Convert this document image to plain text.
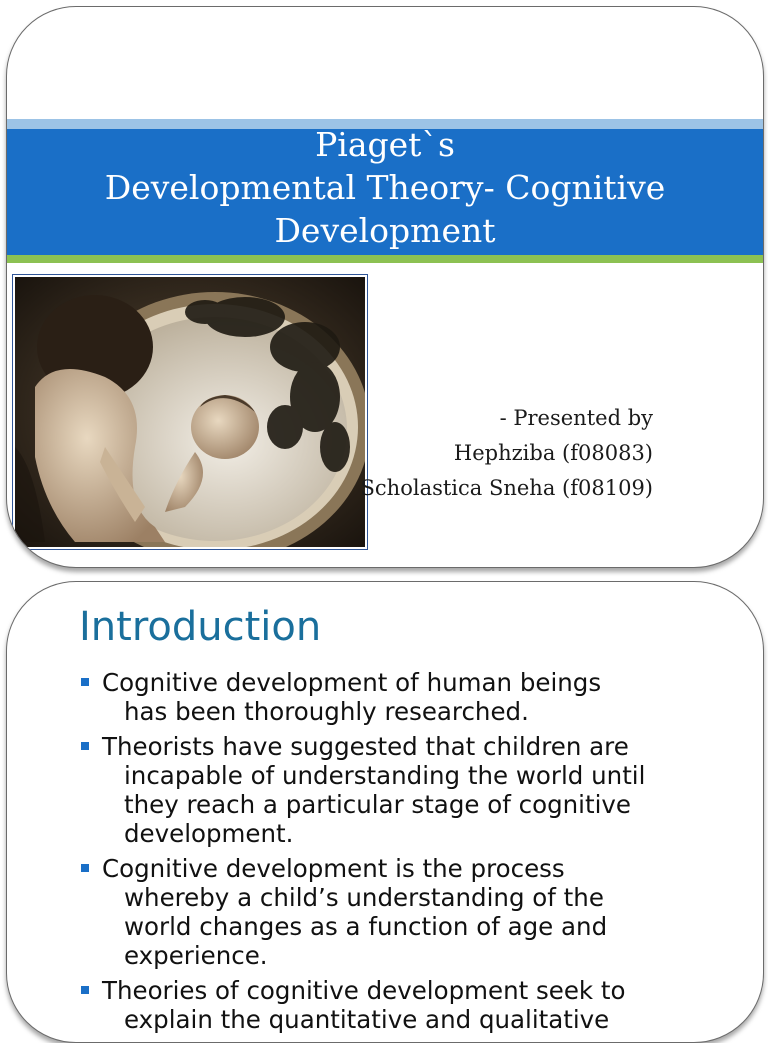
Piaget`s
Developmental Theory- Cognitive
Development
- Presented by
Hephziba (f08083)
Scholastica Sneha (f08109)
Introduction
Cognitive development of human beings
has been thoroughly researched.
Theorists have suggested that children are
incapable of understanding the world until
they reach a particular stage of cognitive
development.
Cognitive development is the process
whereby a child’s understanding of the
world changes as a function of age and
experience.
Theories of cognitive development seek to
explain the quantitative and qualitative
